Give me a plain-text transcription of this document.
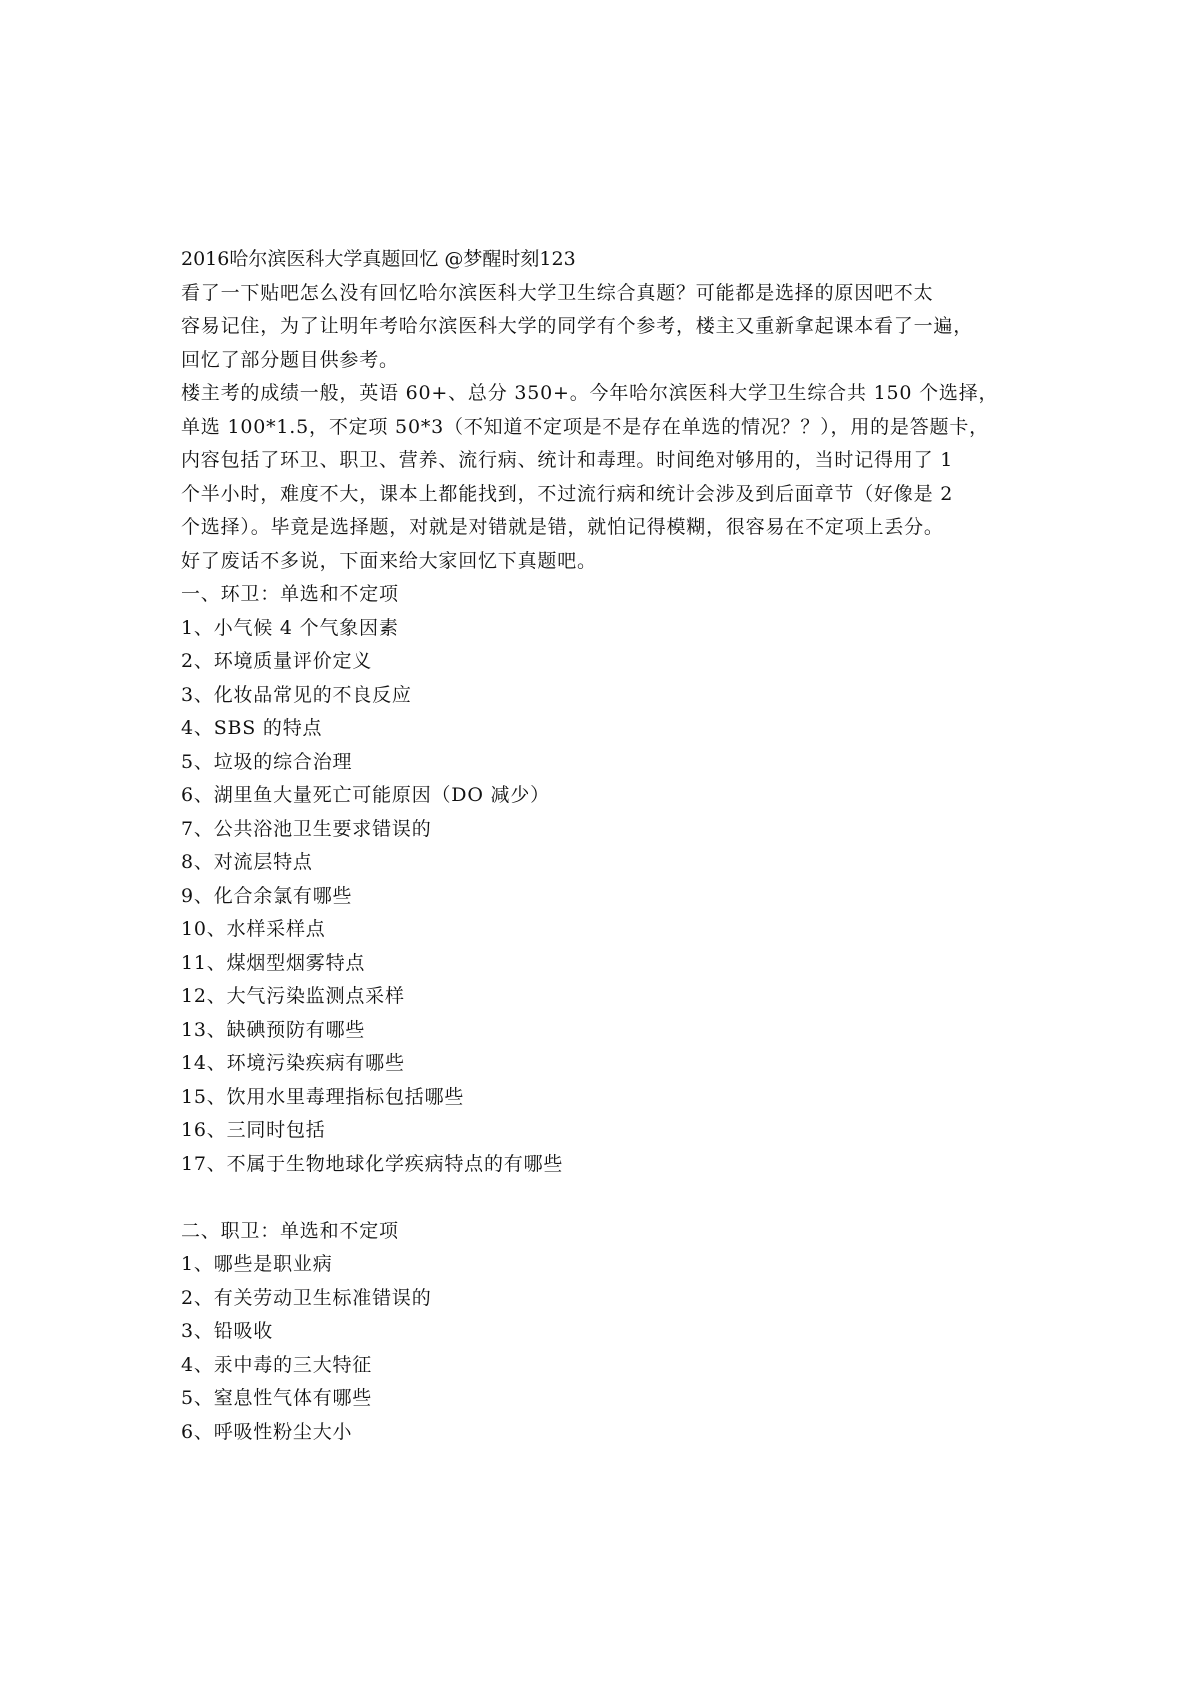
2016哈尔滨医科大学真题回忆 @梦醒时刻123
看了一下贴吧怎么没有回忆哈尔滨医科大学卫生综合真题？可能都是选择的原因吧不太
容易记住，为了让明年考哈尔滨医科大学的同学有个参考，楼主又重新拿起课本看了一遍，
回忆了部分题目供参考。
楼主考的成绩一般，英语 60+、总分 350+。今年哈尔滨医科大学卫生综合共 150 个选择，
单选 100*1.5，不定项 50*3（不知道不定项是不是存在单选的情况？？），用的是答题卡，
内容包括了环卫、职卫、营养、流行病、统计和毒理。时间绝对够用的，当时记得用了 1
个半小时，难度不大，课本上都能找到，不过流行病和统计会涉及到后面章节（好像是 2
个选择）。毕竟是选择题，对就是对错就是错，就怕记得模糊，很容易在不定项上丢分。
好了废话不多说，下面来给大家回忆下真题吧。
一、环卫：单选和不定项
1、小气候 4 个气象因素
2、环境质量评价定义
3、化妆品常见的不良反应
4、SBS 的特点
5、垃圾的综合治理
6、湖里鱼大量死亡可能原因（DO 减少）
7、公共浴池卫生要求错误的
8、对流层特点
9、化合余氯有哪些
10、水样采样点
11、煤烟型烟雾特点
12、大气污染监测点采样
13、缺碘预防有哪些
14、环境污染疾病有哪些
15、饮用水里毒理指标包括哪些
16、三同时包括
17、不属于生物地球化学疾病特点的有哪些
二、职卫：单选和不定项
1、哪些是职业病
2、有关劳动卫生标准错误的
3、铅吸收
4、汞中毒的三大特征
5、窒息性气体有哪些
6、呼吸性粉尘大小
